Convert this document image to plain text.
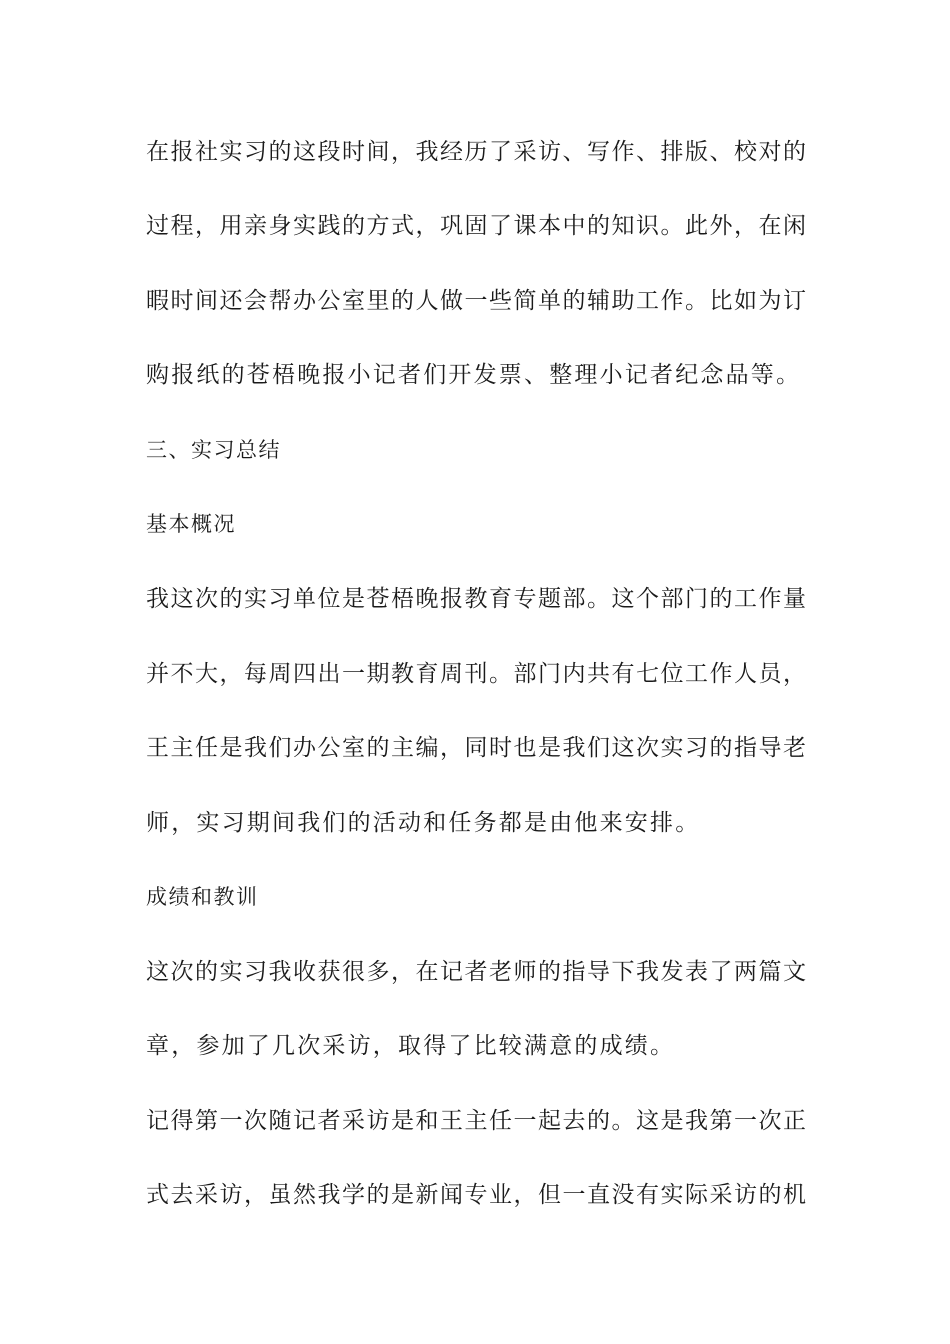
在报社实习的这段时间，我经历了采访、写作、排版、校对的
过程，用亲身实践的方式，巩固了课本中的知识。此外，在闲
暇时间还会帮办公室里的人做一些简单的辅助工作。比如为订
购报纸的苍梧晚报小记者们开发票、整理小记者纪念品等。
三、实习总结
基本概况
我这次的实习单位是苍梧晚报教育专题部。这个部门的工作量
并不大，每周四出一期教育周刊。部门内共有七位工作人员，
王主任是我们办公室的主编，同时也是我们这次实习的指导老
师，实习期间我们的活动和任务都是由他来安排。
成绩和教训
这次的实习我收获很多，在记者老师的指导下我发表了两篇文
章，参加了几次采访，取得了比较满意的成绩。
记得第一次随记者采访是和王主任一起去的。这是我第一次正
式去采访，虽然我学的是新闻专业，但一直没有实际采访的机
